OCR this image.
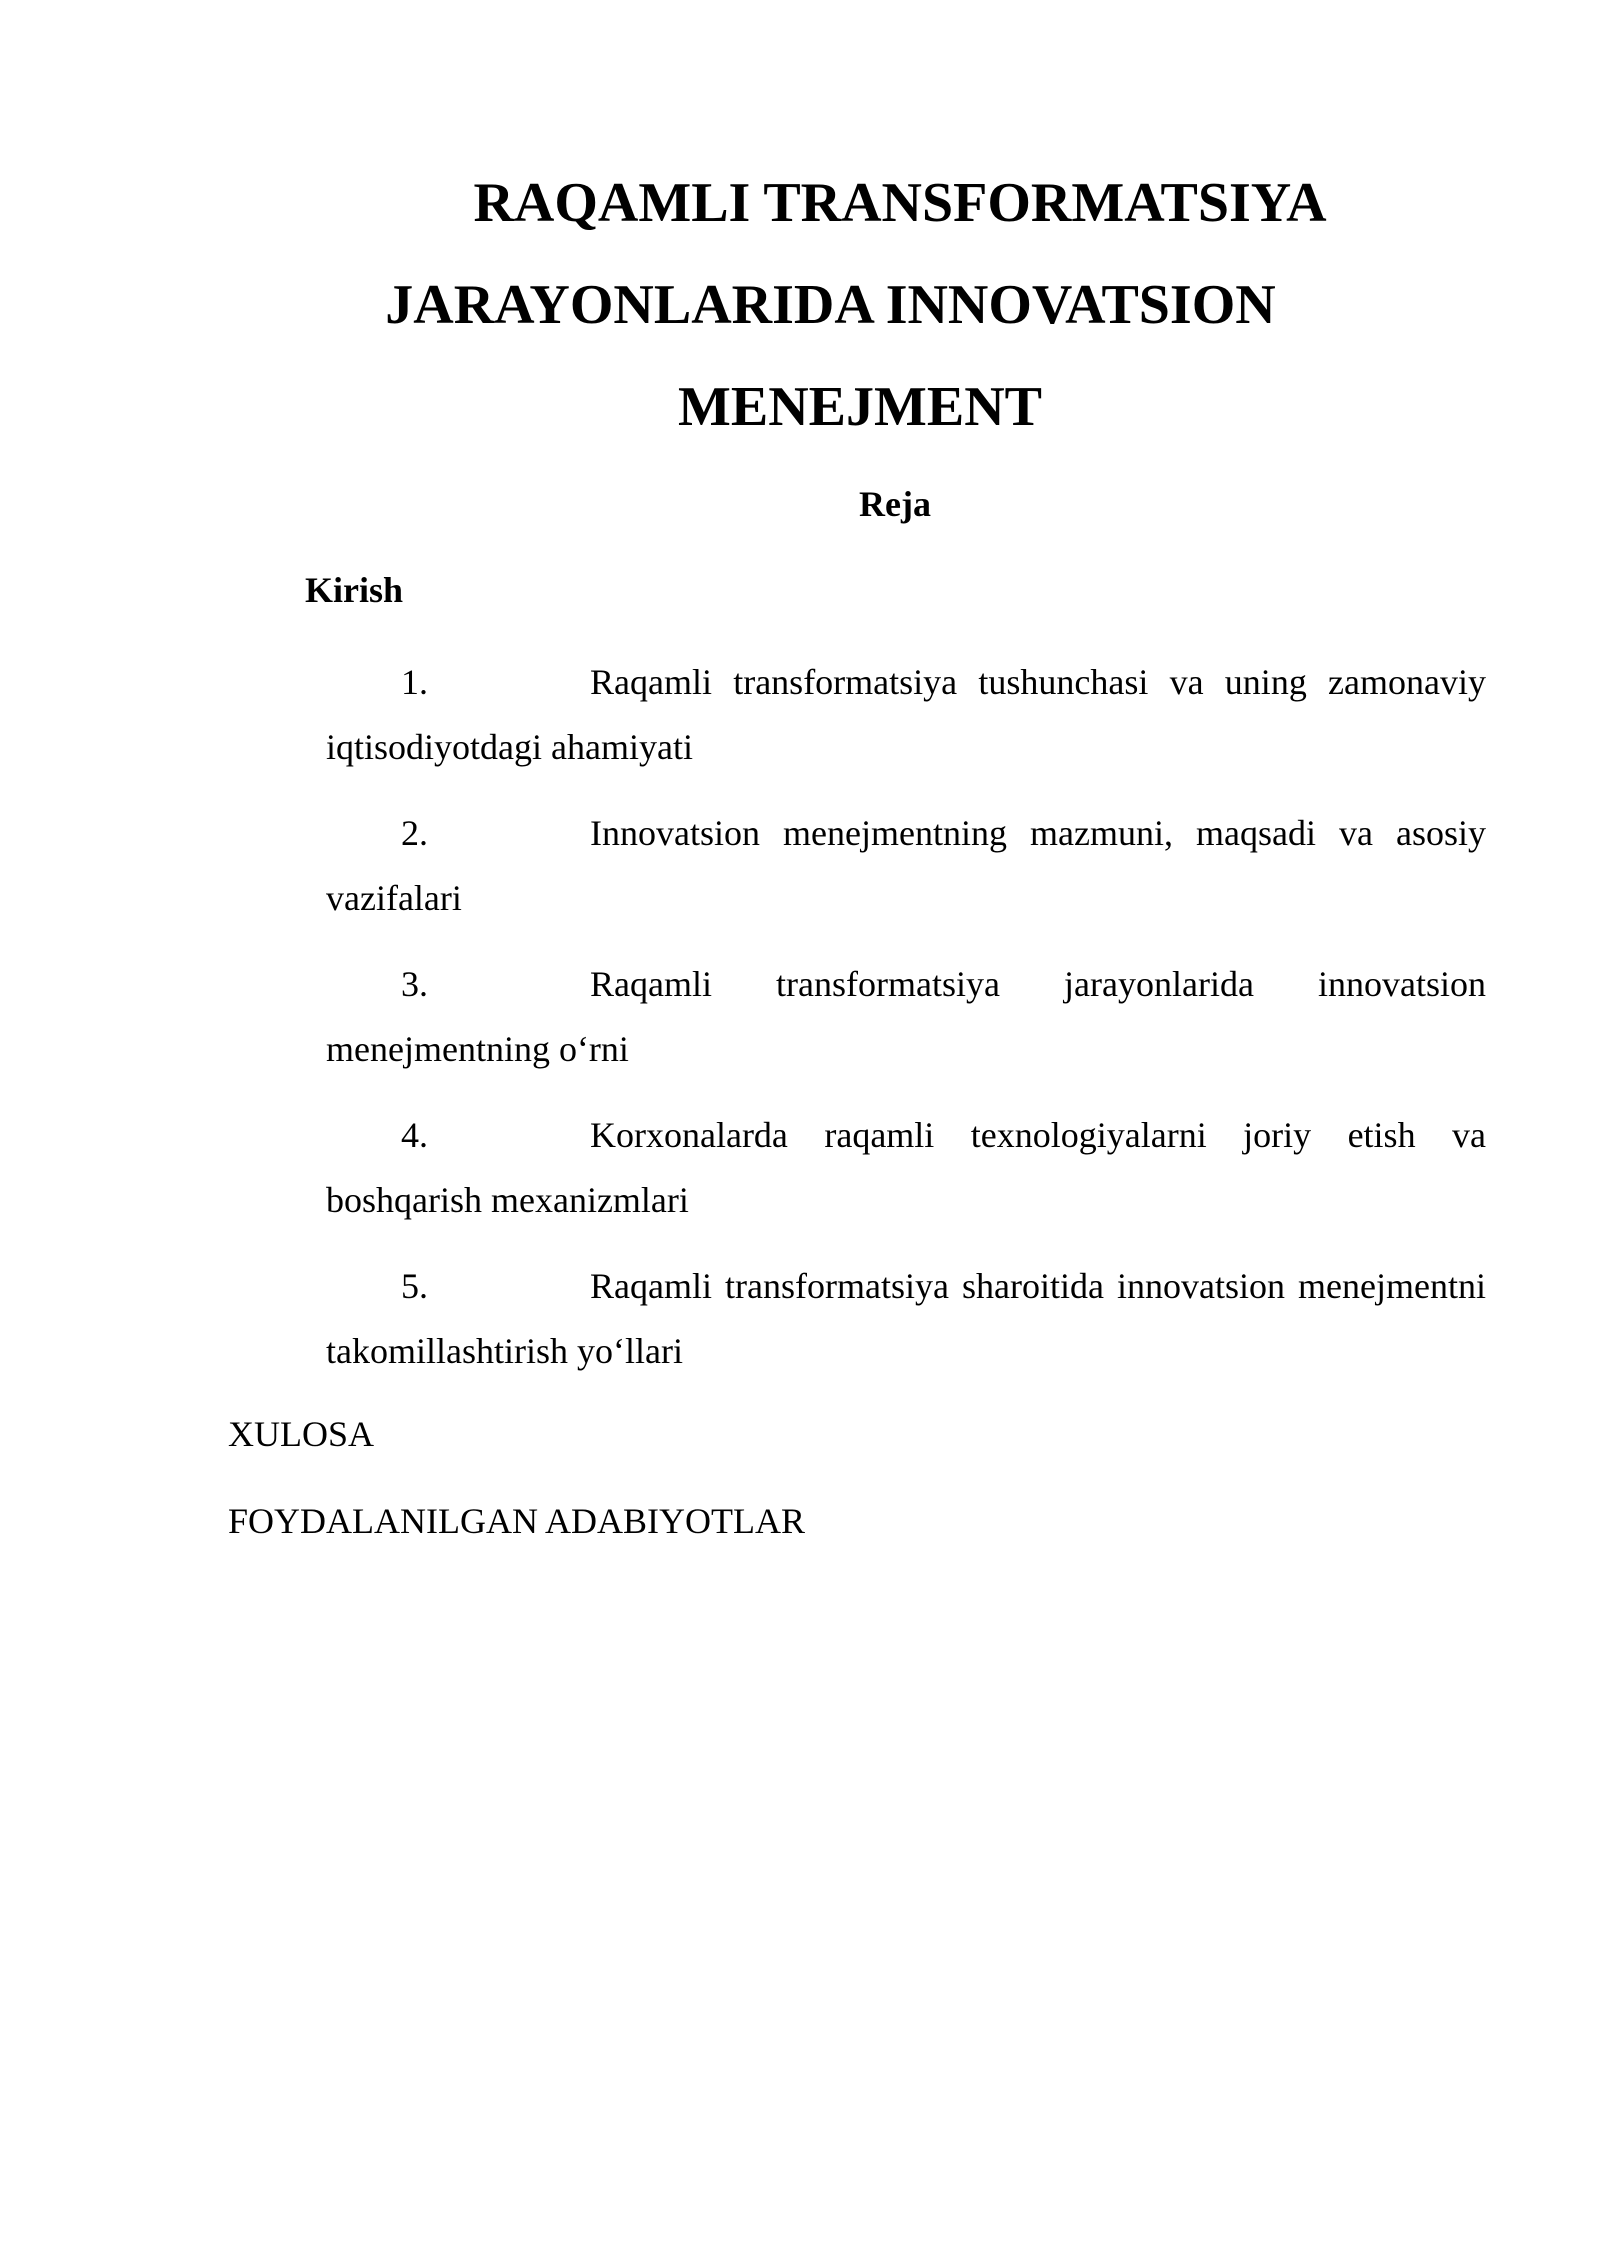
RAQAMLI TRANSFORMATSIYA
JARAYONLARIDA INNOVATSION
MENEJMENT

Reja

Kirish

1.	Raqamli transformatsiya tushunchasi va uning zamonaviy iqtisodiyotdagi ahamiyati
2.	Innovatsion menejmentning mazmuni, maqsadi va asosiy vazifalari
3.	Raqamli transformatsiya jarayonlarida innovatsion menejmentning o‘rni
4.	Korxonalarda raqamli texnologiyalarni joriy etish va boshqarish mexanizmlari
5.	Raqamli transformatsiya sharoitida innovatsion menejmentni takomillashtirish yo‘llari

XULOSA

FOYDALANILGAN ADABIYOTLAR
